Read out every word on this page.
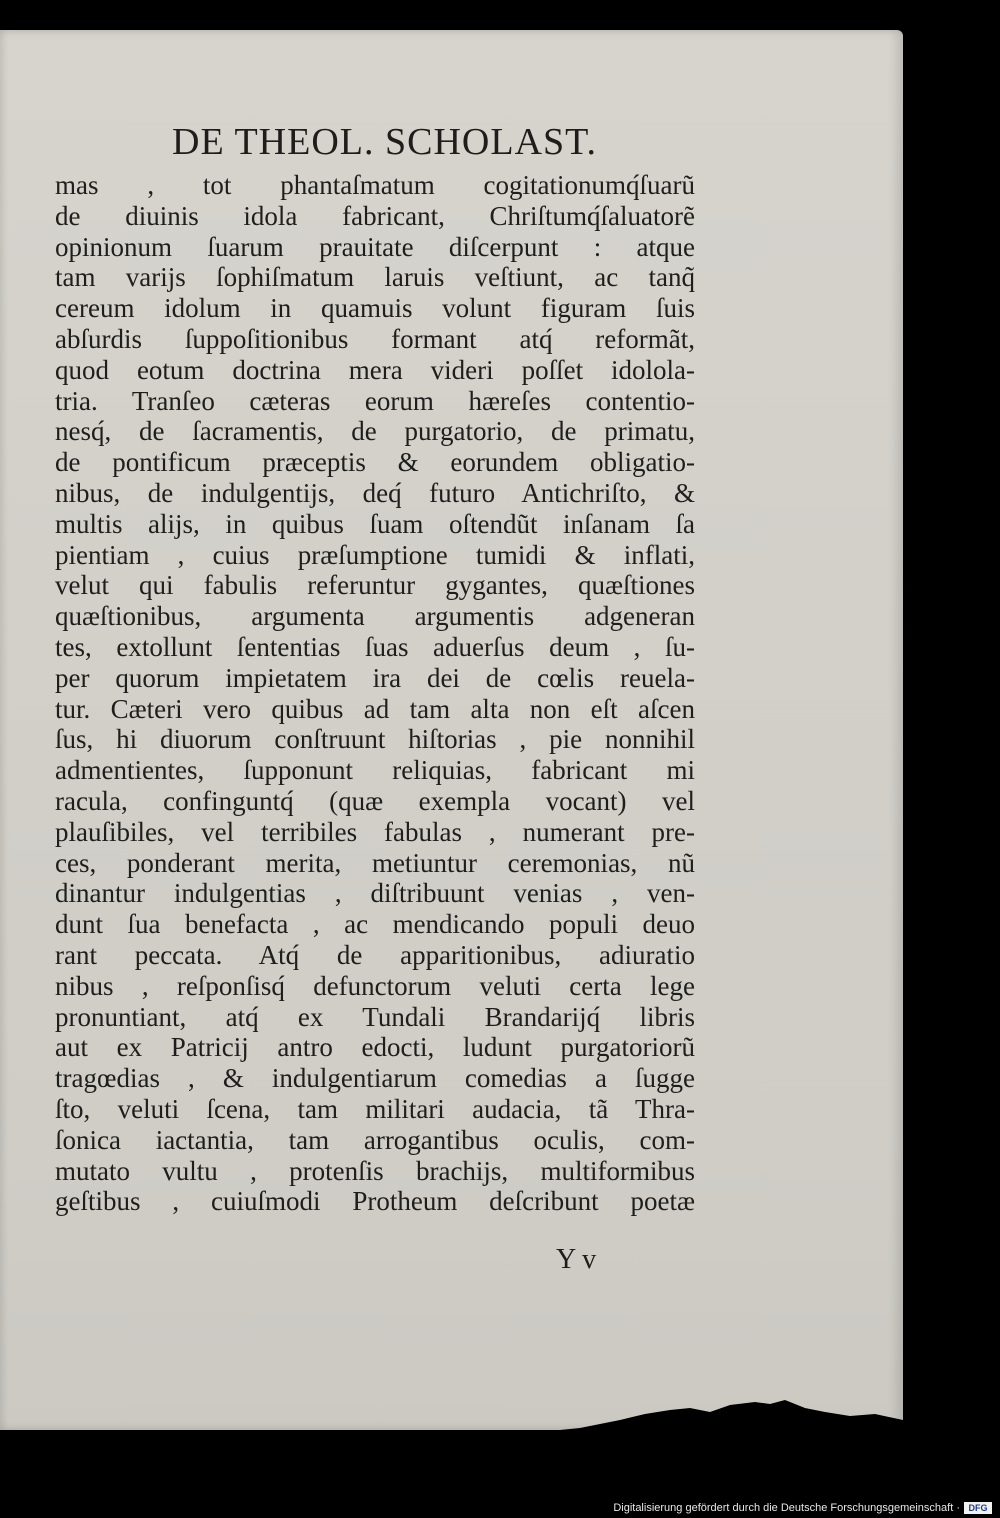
DE THEOL. SCHOLAST.
mas , tot phantaſmatum cogitationumq́ſuarũ
de diuinis idola fabricant, Chriſtumq́ſaluatorẽ
opinionum ſuarum prauitate diſcerpunt : atque
tam varijs ſophiſmatum laruis veſtiunt, ac tanq̃
cereum idolum in quamuis volunt figuram ſuis
abſurdis ſuppoſitionibus formant atq́ reformãt,
quod eotum doctrina mera videri poſſet idolola-
tria. Tranſeo cæteras eorum hæreſes contentio-
nesq́, de ſacramentis, de purgatorio, de primatu,
de pontificum præceptis & eorundem obligatio-
nibus, de indulgentijs, deq́ futuro Antichriſto, &
multis alijs, in quibus ſuam oſtendũt inſanam ſa
pientiam , cuius præſumptione tumidi & inflati,
velut qui fabulis referuntur gygantes, quæſtiones
quæſtionibus, argumenta argumentis adgeneran
tes, extollunt ſententias ſuas aduerſus deum , ſu-
per quorum impietatem ira dei de cœlis reuela-
tur. Cæteri vero quibus ad tam alta non eſt aſcen
ſus, hi diuorum conſtruunt hiſtorias , pie nonnihil
admentientes, ſupponunt reliquias, fabricant mi
racula, confinguntq́ (quæ exempla vocant) vel
plauſibiles, vel terribiles fabulas , numerant pre-
ces, ponderant merita, metiuntur ceremonias, nũ
dinantur indulgentias , diſtribuunt venias , ven-
dunt ſua benefacta , ac mendicando populi deuo
rant peccata. Atq́ de apparitionibus, adiuratio
nibus , reſponſisq́ defunctorum veluti certa lege
pronuntiant, atq́ ex Tundali Brandarijq́ libris
aut ex Patricij antro edocti, ludunt purgatoriorũ
tragœdias , & indulgentiarum comedias a ſugge
ſto, veluti ſcena, tam militari audacia, tã Thra-
ſonica iactantia, tam arrogantibus oculis, com-
mutato vultu , protenſis brachijs, multiformibus
geſtibus , cuiuſmodi Protheum deſcribunt poetæ
Y v
Digitalisierung gefördert durch die Deutsche Forschungsgemeinschaft · DFG
